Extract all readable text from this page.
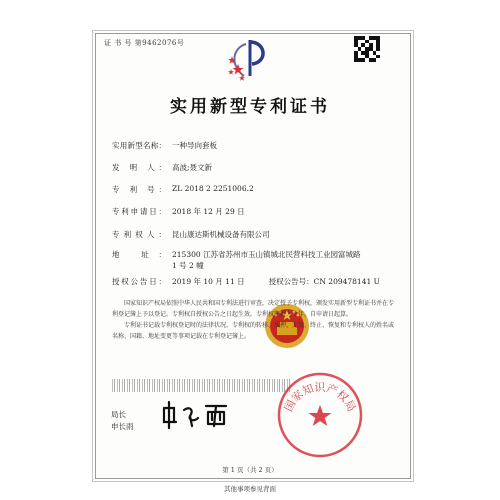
证 书 号 第9462076号
实用新型专利证书
实用新型名称： 一种导向套板
发 明 人： 高波;聂文新
专 利 号： ZL 2018 2 2251006.2
专利申请日： 2018 年 12 月 29 日
专利权人： 昆山康达斯机械设备有限公司
地 址： 215300 江苏省苏州市玉山镇城北民营科技工业园富城路 1 号 2 幢
授权公告日： 2019 年 10 月 11 日	授权公告号：CN 209478141 U

国家知识产权局依照中华人民共和国专利法进行审查，决定授予专利权，颁发实用新型专利证书并在专利登记簿上予以登记。专利权自授权公告之日起生效。专利权期限为十年，自申请日起算。

专利证书记载专利权登记时的法律状况。专利权的转移、质押、无效、终止、恢复和专利权人的姓名或名称、国籍、地址变更等事项记载在专利登记簿上。

国家知识产权局
局长
申长雨
第 1 页（共 2 页）
其他事项参见背面
